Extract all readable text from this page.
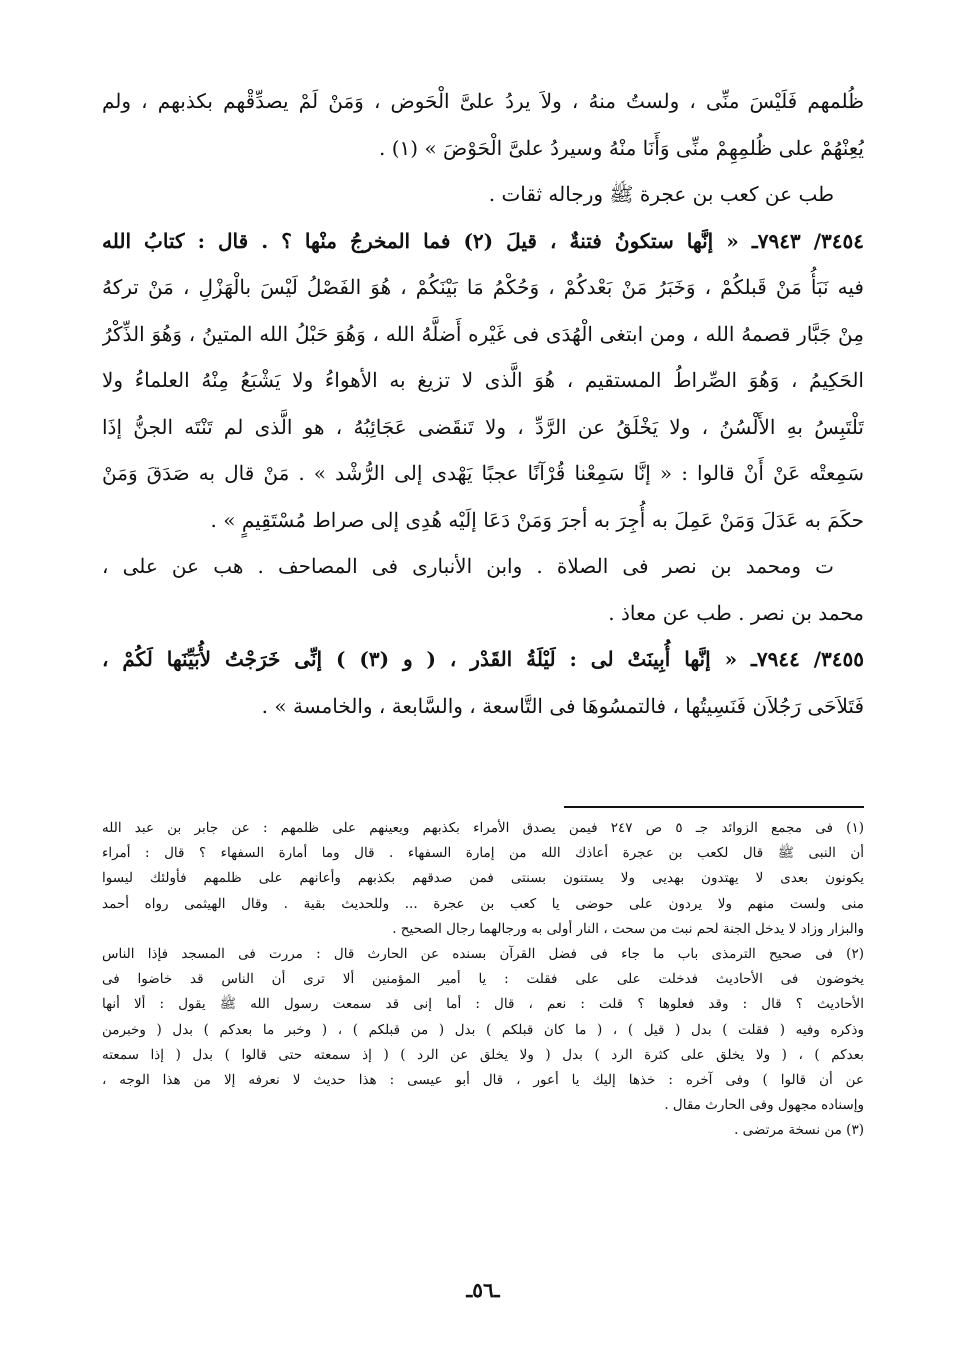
ظُلمهم فَلَيْسَ منِّى ، ولستُ منهُ ، ولاَ يردُ علىَّ الْحَوض ، وَمَنْ لَمْ يصدِّقْهم بكذبهم ، ولم
يُعِنْهُمْ على ظُلمِهِمْ منِّى وَأَنَا منْهُ وسيردُ علىَّ الْحَوْضَ » (١) .
طب عن كعب بن عجرة ﷺ ورجاله ثقات .
٣٤٥٤/ ٧٩٤٣ـ « إنَّها ستكونُ فتنةٌ ، قيلَ (٢) فما المخرجُ منْها ؟ . قال : كتابُ الله
فيه نَبَأُ مَنْ قَبلكُمْ ، وَخَبَرُ مَنْ بَعْدكُمْ ، وَحُكْمُ مَا بَيْنَكُمْ ، هُوَ الفَصْلُ لَيْسَ بالْهَزْلِ ، مَنْ تركهُ
مِنْ جَبَّار قصمهُ الله ، ومن ابتغى الْهُدَى فى غَيْره أَضلَّهُ الله ، وَهُوَ حَبْلُ الله المتينُ ، وَهُوَ الذِّكْرُ
الحَكِيمُ ، وَهُوَ الصِّراطُ المستقيم ، هُوَ الَّذى لا تزيغ به الأهواءُ ولا يَشْبَعُ مِنْهُ العلماءُ ولا
تَلْتَبِسُ بهِ الأَلْسُنُ ، ولا يَخْلَقُ عن الرَّدِّ ، ولا تَنقَضى عَجَائِبُهُ ، هو الَّذى لم تَنْتَه الجنُّ إذَا
سَمِعتْه عَنْ أَنْ قالوا : « إنَّا سَمِعْنا قُرْآنًا عجبًا يَهْدى إلى الرُّشْد » . مَنْ قال به صَدَقَ وَمَنْ
حكَمَ به عَدَلَ وَمَنْ عَمِلَ به أُجِرَ به أجرَ وَمَنْ دَعَا إلَيْه هُدِى إلى صراط مُسْتَقِيمٍ » .
ت ومحمد بن نصر فى الصلاة . وابن الأنبارى فى المصاحف . هب عن على ،
محمد بن نصر . طب عن معاذ .
٣٤٥٥/ ٧٩٤٤ـ « إنَّها أُبِينَتْ لى : لَيْلَةُ القَدْر ، ( و (٣) ) إنِّى خَرَجْتُ لأُبَيِّنَها لَكُمْ ،
فَتَلاَحَى رَجُلاَن فَنَسِيتُها ، فالتمسُوهَا فى التَّاسعة ، والسَّابعة ، والخامسة » .
(١) فى مجمع الزوائد جـ ٥ ص ٢٤٧ فيمن يصدق الأمراء بكذبهم ويعينهم على ظلمهم : عن جابر بن عبد الله
أن النبى ﷺ قال لكعب بن عجرة أعاذك الله من إمارة السفهاء . قال وما أمارة السفهاء ؟ قال : أمراء
يكونون بعدى لا يهتدون بهديى ولا يستنون بسنتى فمن صدقهم بكذبهم وأعانهم على ظلمهم فأولئك ليسوا
منى ولست منهم ولا يردون على حوضى يا كعب بن عجرة ... وللحديث بقية . وقال الهيثمى رواه أحمد
والبزار وزاد لا يدخل الجنة لحم نبت من سحت ، النار أولى به ورجالهما رجال الصحيح .
(٢) فى صحيح الترمذى باب ما جاء فى فضل القرآن بسنده عن الحارث قال : مررت فى المسجد فإذا الناس
يخوضون فى الأحاديث فدخلت على على فقلت : يا أمير المؤمنين ألا ترى أن الناس قد خاضوا فى
الأحاديث ؟ قال : وقد فعلوها ؟ قلت : نعم ، قال : أما إنى قد سمعت رسول الله ﷺ يقول : ألا أنها
وذكره وفيه ( فقلت ) بدل ( قيل ) ، ( ما كان قبلكم ) بدل ( من قبلكم ) ، ( وخبر ما بعدكم ) بدل ( وخبرمن
بعدكم ) ، ( ولا يخلق على كثرة الرد ) بدل ( ولا يخلق عن الرد ) ( إذ سمعته حتى قالوا ) بدل ( إذا سمعته
عن أن قالوا ) وفى آخره : خذها إليك يا أعور ، قال أبو عيسى : هذا حديث لا نعرفه إلا من هذا الوجه ،
وإسناده مجهول وفى الحارث مقال .
(٣) من نسخة مرتضى .
ـ٥٦ـ
